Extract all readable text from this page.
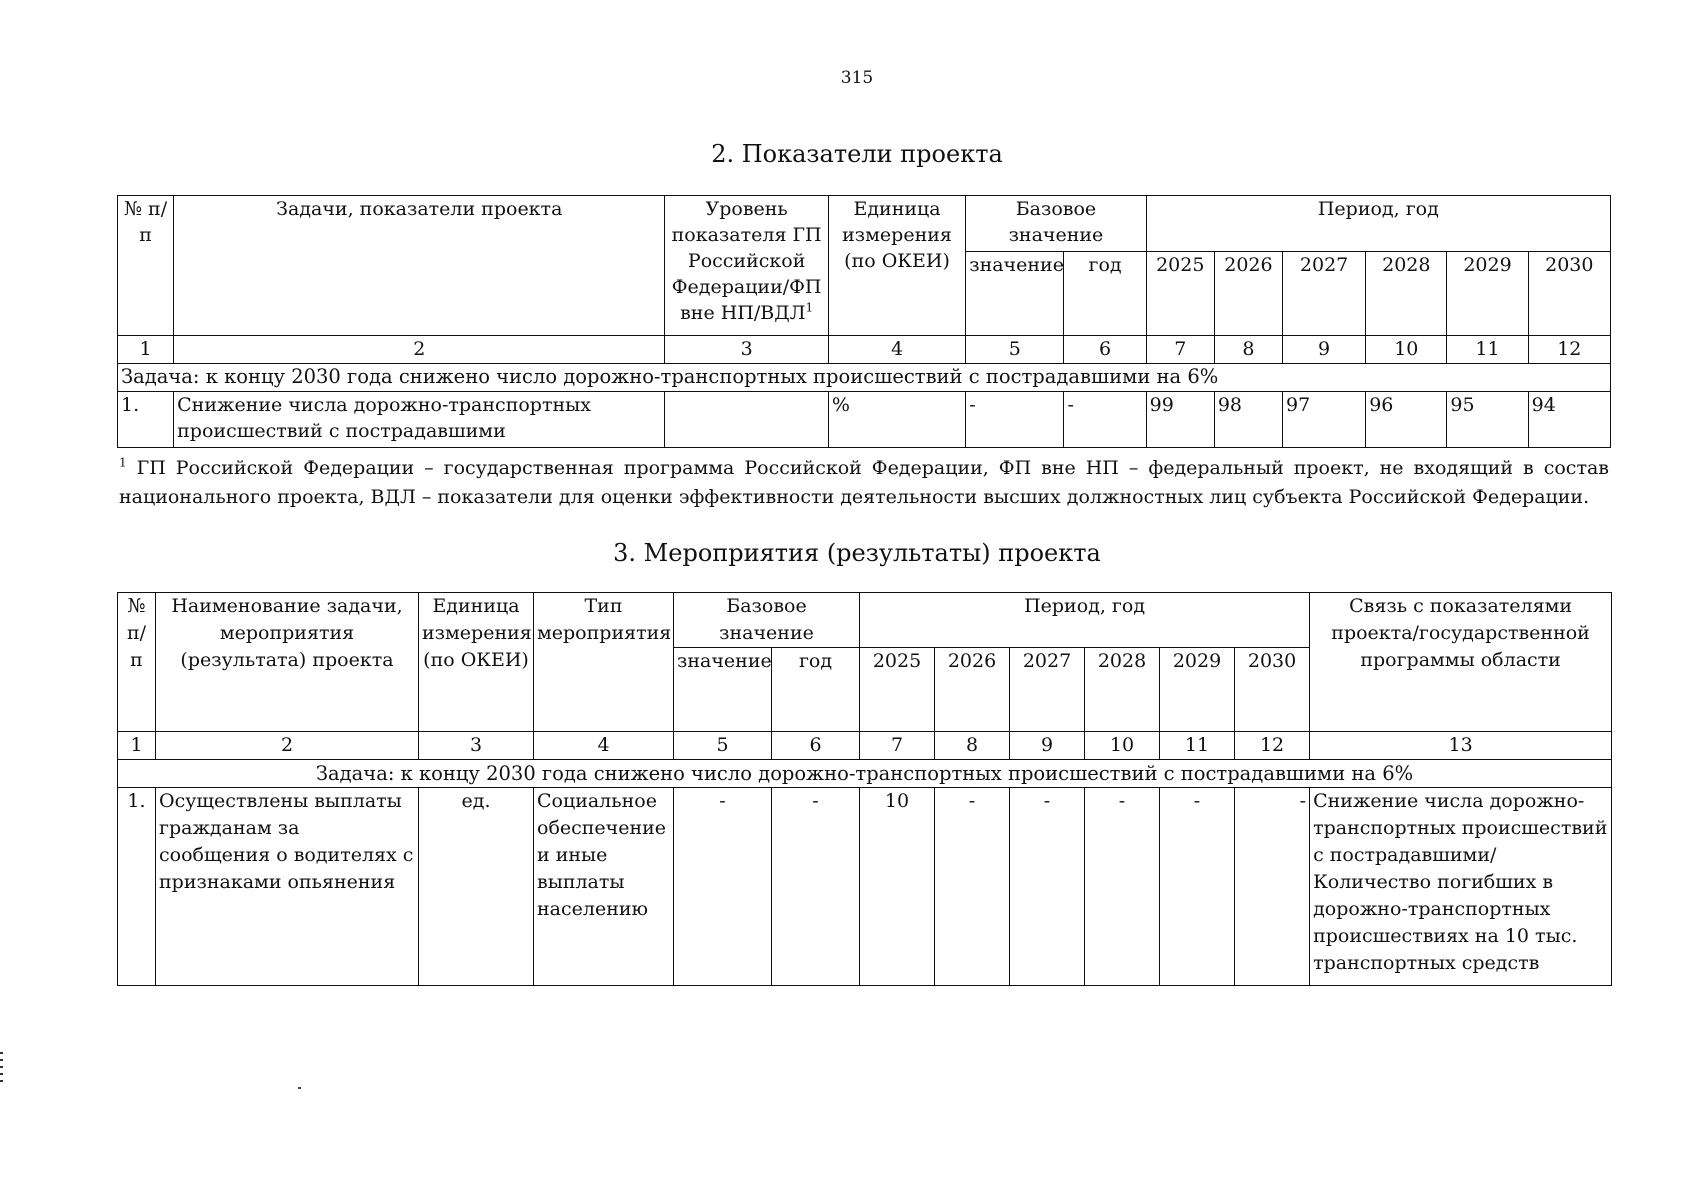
315
2. Показатели проекта
№ п/п	Задачи, показатели проекта	Уровень показателя ГП Российской Федерации/ФП вне НП/ВДЛ$^1$	Единица измерения (по ОКЕИ)	Базовое значение		Период, год					
				значение	год	2025	2026	2027	2028	2029	2030
1	2	3	4	5	6	7	8	9	10	11	12
Задача: к концу 2030 года снижено число дорожно-транспортных происшествий с пострадавшими на 6%											
1.	Снижение числа дорожно-транспортных происшествий с пострадавшими		%	-	-	99	98	97	96	95	94
$^1$ ГП Российской Федерации – государственная программа Российской Федерации, ФП вне НП – федеральный проект, не входящий в состав национального проекта, ВДЛ – показатели для оценки эффективности деятельности высших должностных лиц субъекта Российской Федерации.
3. Мероприятия (результаты) проекта
№ п/п	Наименование задачи, мероприятия (результата) проекта	Единица измерения (по ОКЕИ)	Тип мероприятия	Базовое значение		Период, год						Связь с показателями проекта/государственной программы области
				значение	год	2025	2026	2027	2028	2029	2030	
1	2	3	4	5	6	7	8	9	10	11	12	13
Задача: к концу 2030 года снижено число дорожно-транспортных происшествий с пострадавшими на 6%												
1.	Осуществлены выплаты гражданам за сообщения о водителях с признаками опьянения	ед.	Социальное обеспечение и иные выплаты населению	-	-	10	-	-	-	-	-	Снижение числа дорожно-транспортных происшествий с пострадавшими/Количество погибших в дорожно-транспортных происшествиях на 10 тыс. транспортных средств
